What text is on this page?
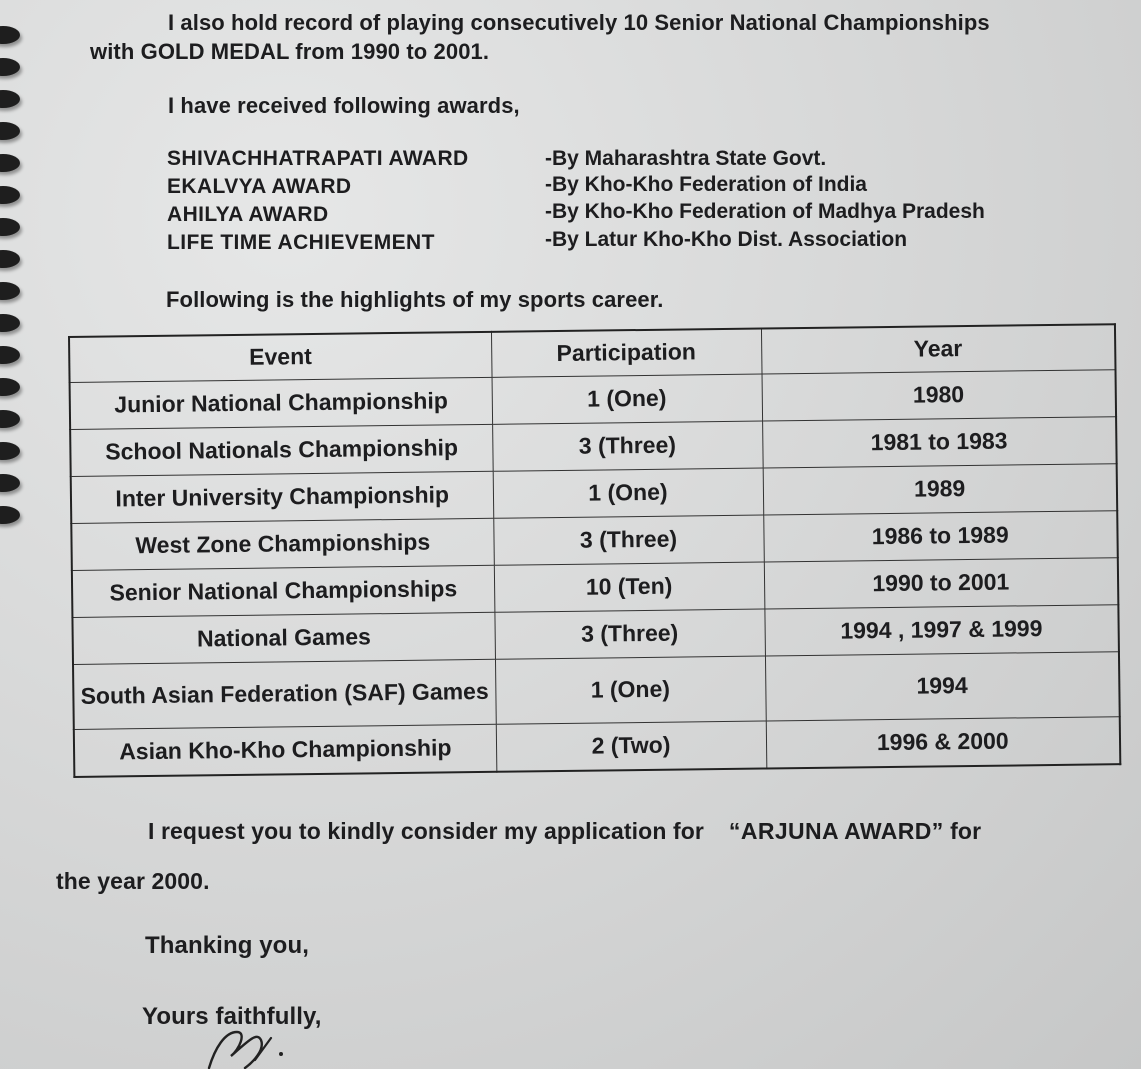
I also hold record of playing consecutively 10 Senior National Championships
with GOLD MEDAL from 1990 to 2001.
I have received following awards,
SHIVACHHATRAPATI AWARD	-By Maharashtra State Govt.
EKALVYA AWARD	-By Kho-Kho Federation of India
AHILYA AWARD	-By Kho-Kho Federation of Madhya Pradesh
LIFE TIME ACHIEVEMENT	-By Latur Kho-Kho Dist. Association
Following is the highlights of my sports career.
Event	Participation	Year
Junior National Championship	1 (One)	1980
School Nationals Championship	3 (Three)	1981 to 1983
Inter University Championship	1 (One)	1989
West Zone Championships	3 (Three)	1986 to 1989
Senior National Championships	10 (Ten)	1990 to 2001
National Games	3 (Three)	1994 , 1997 & 1999
South Asian Federation (SAF) Games	1 (One)	1994
Asian Kho-Kho Championship	2 (Two)	1996 & 2000
I request you to kindly consider my application for “ARJUNA AWARD” for
the year 2000.
Thanking you,
Yours faithfully,
